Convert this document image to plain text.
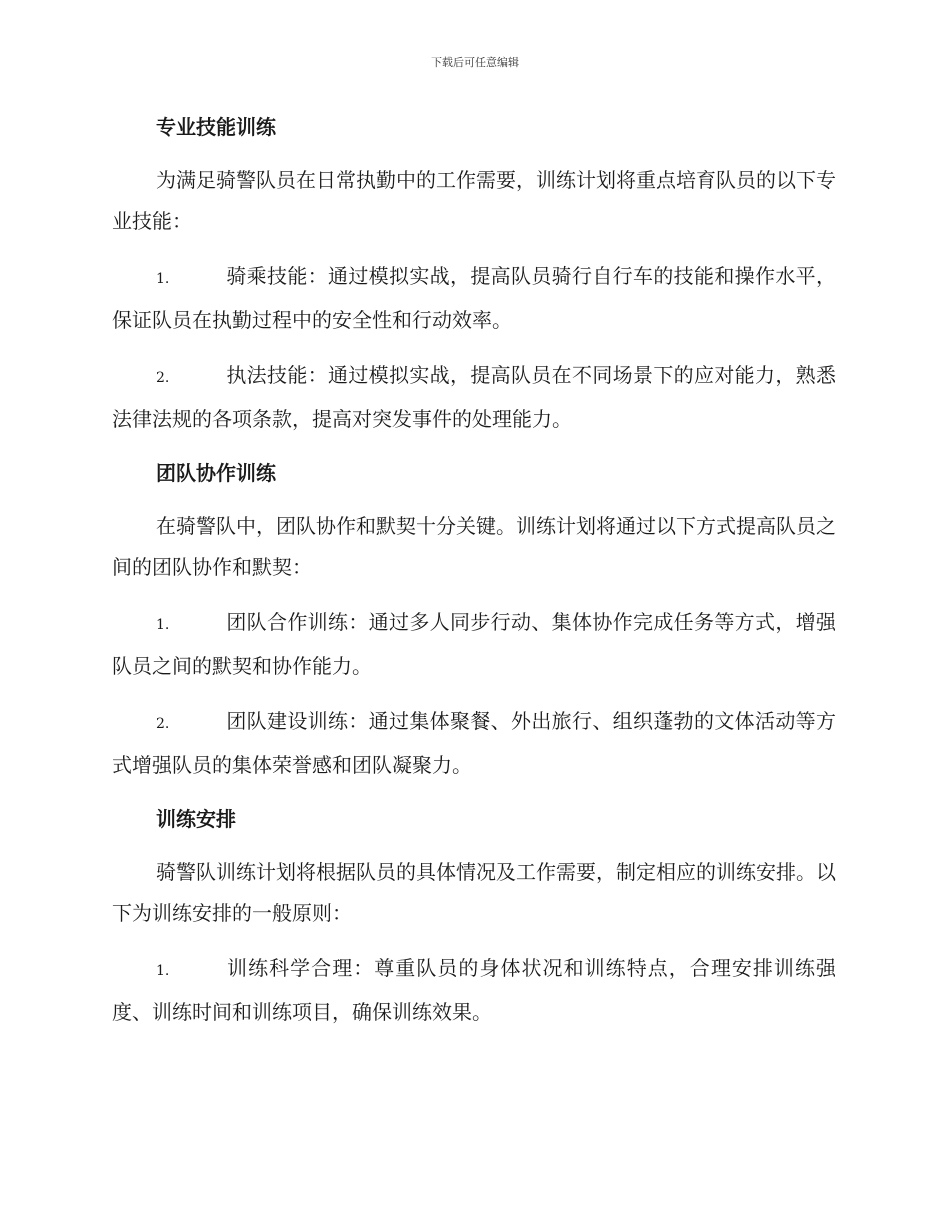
下载后可任意编辑
专业技能训练

为满足骑警队员在日常执勤中的工作需要，训练计划将重点培育队员的以下专业技能：

1.	骑乘技能：通过模拟实战，提高队员骑行自行车的技能和操作水平，保证队员在执勤过程中的安全性和行动效率。

2.	执法技能：通过模拟实战，提高队员在不同场景下的应对能力，熟悉法律法规的各项条款，提高对突发事件的处理能力。

团队协作训练

在骑警队中，团队协作和默契十分关键。训练计划将通过以下方式提高队员之间的团队协作和默契：

1.	团队合作训练：通过多人同步行动、集体协作完成任务等方式，增强队员之间的默契和协作能力。

2.	团队建设训练：通过集体聚餐、外出旅行、组织蓬勃的文体活动等方式增强队员的集体荣誉感和团队凝聚力。

训练安排

骑警队训练计划将根据队员的具体情况及工作需要，制定相应的训练安排。以下为训练安排的一般原则：

1.	训练科学合理：尊重队员的身体状况和训练特点，合理安排训练强度、训练时间和训练项目，确保训练效果。
